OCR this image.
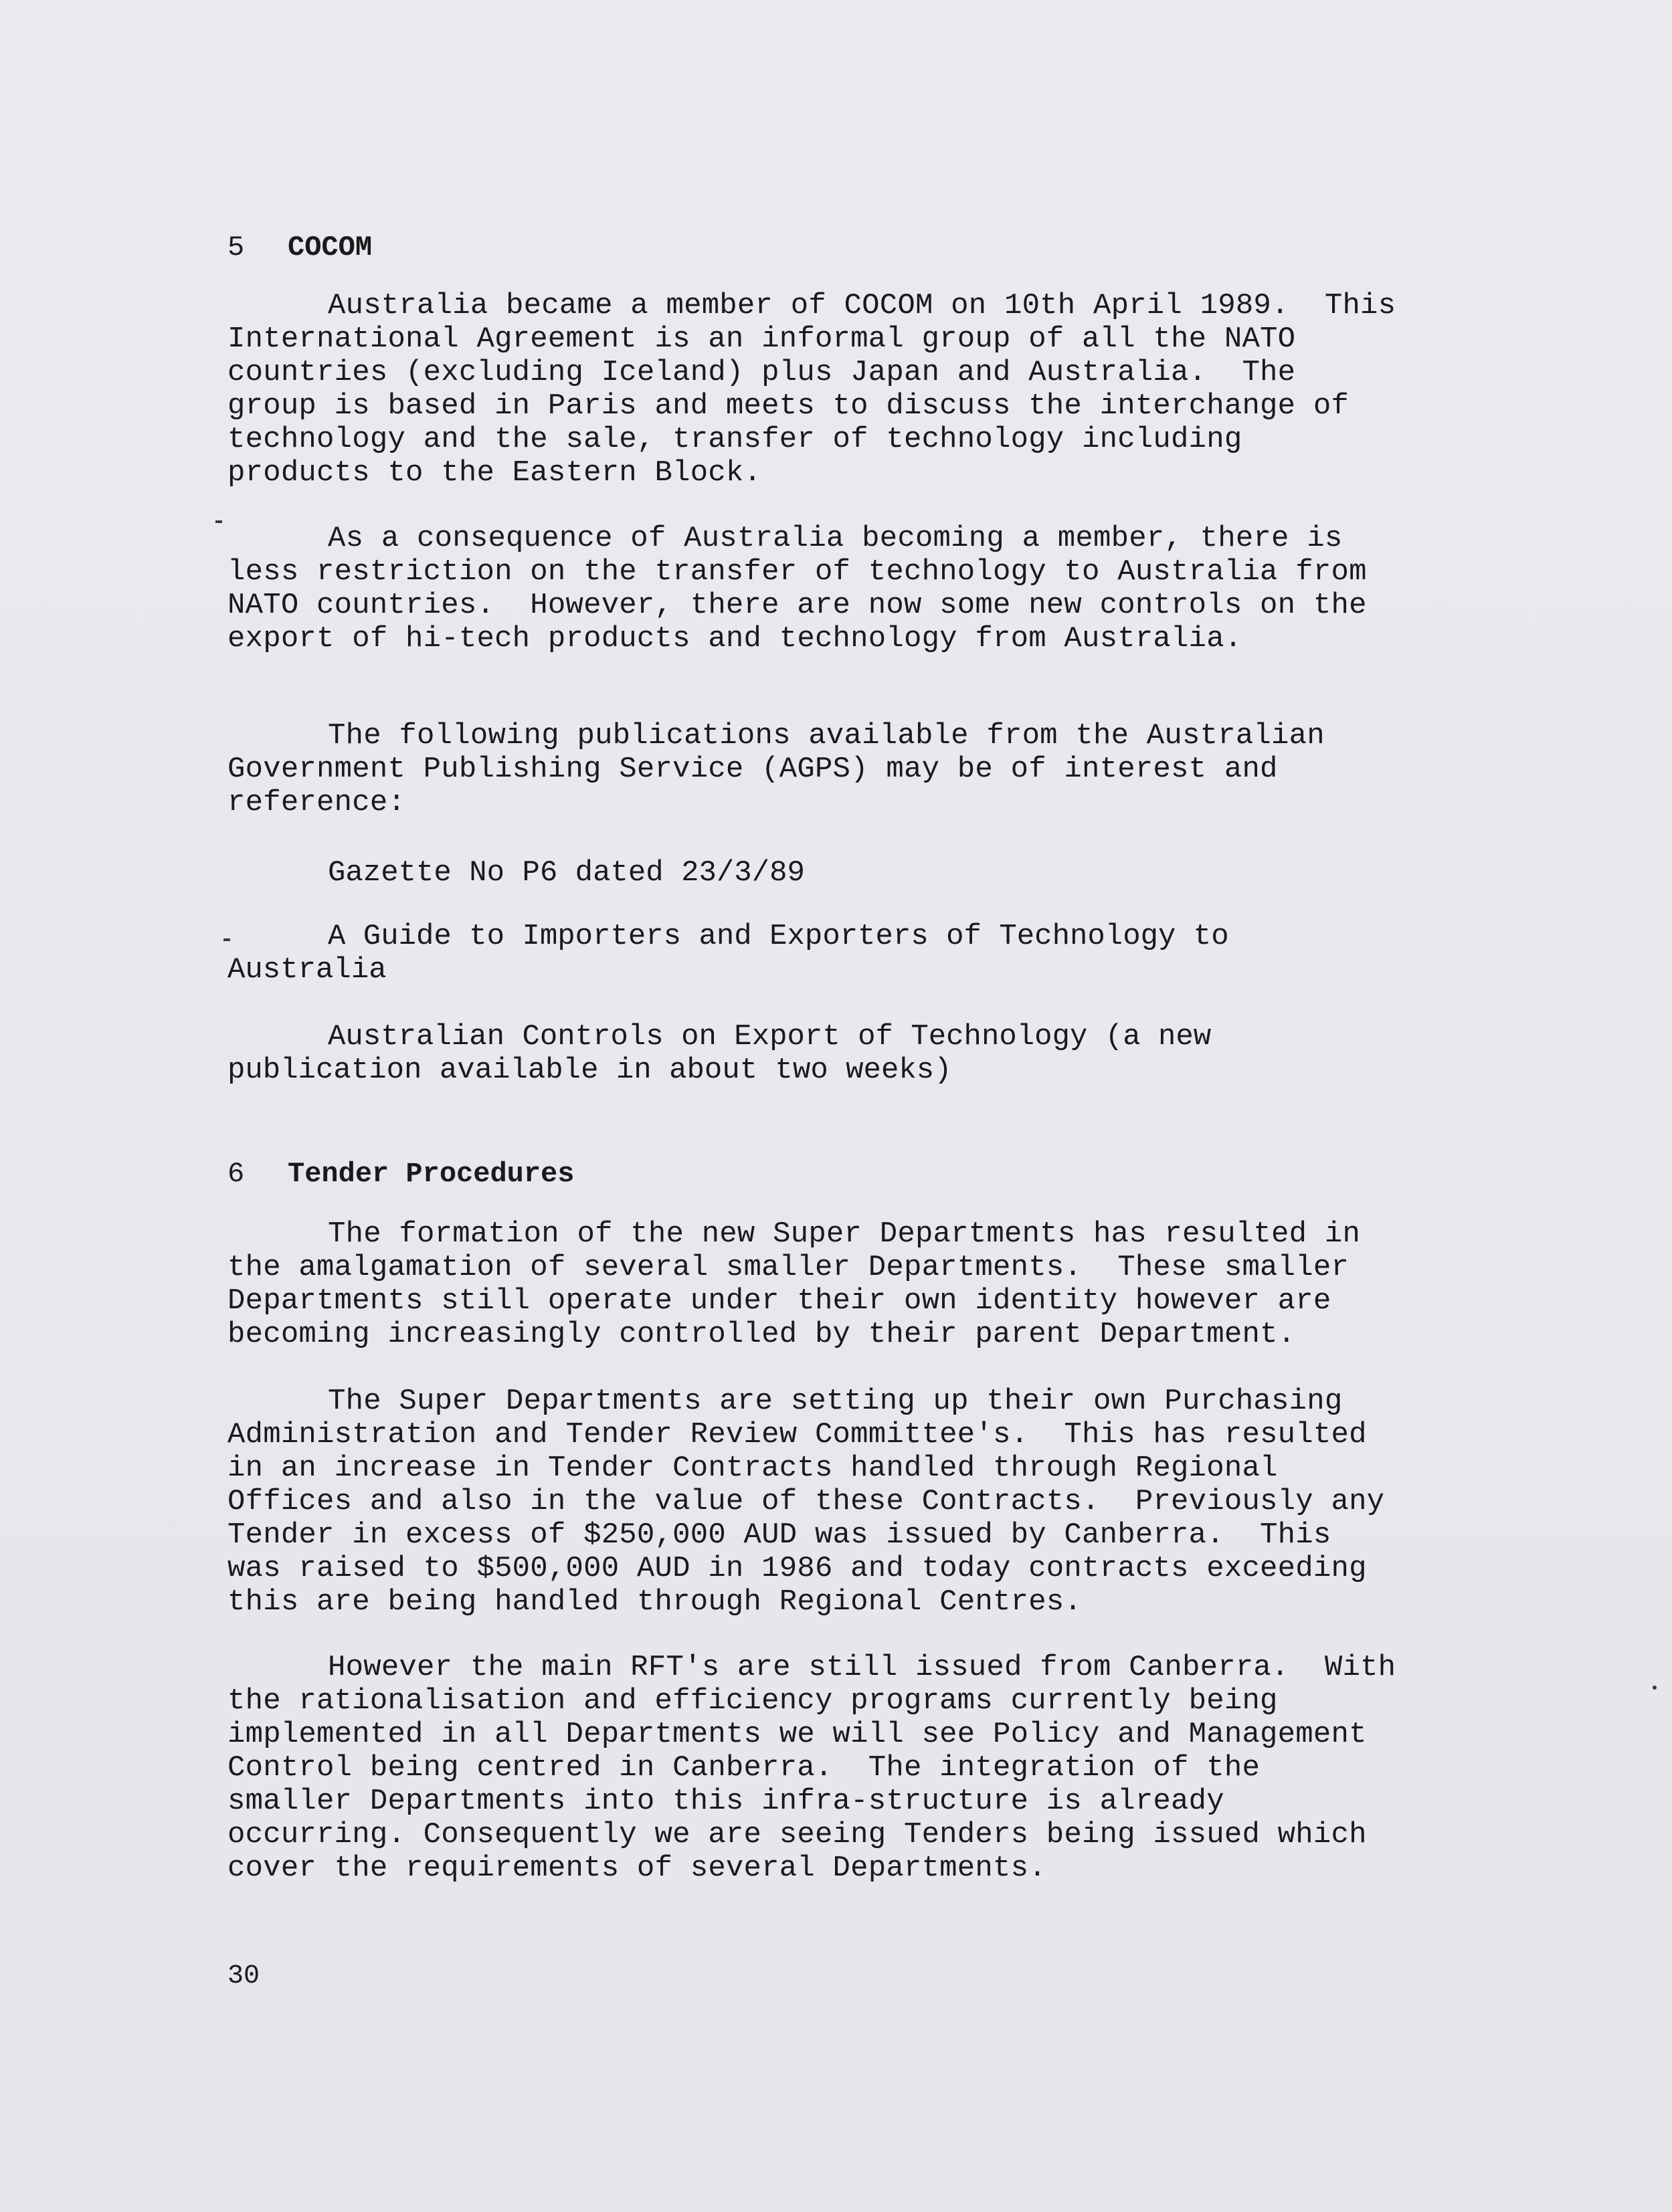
5 COCOM
Australia became a member of COCOM on 10th April 1989.  This
International Agreement is an informal group of all the NATO
countries (excluding Iceland) plus Japan and Australia.  The
group is based in Paris and meets to discuss the interchange of
technology and the sale, transfer of technology including
products to the Eastern Block.
As a consequence of Australia becoming a member, there is
less restriction on the transfer of technology to Australia from
NATO countries.  However, there are now some new controls on the
export of hi-tech products and technology from Australia.
The following publications available from the Australian
Government Publishing Service (AGPS) may be of interest and
reference:
Gazette No P6 dated 23/3/89
A Guide to Importers and Exporters of Technology to
Australia
Australian Controls on Export of Technology (a new
publication available in about two weeks)
6 Tender Procedures
The formation of the new Super Departments has resulted in
the amalgamation of several smaller Departments.  These smaller
Departments still operate under their own identity however are
becoming increasingly controlled by their parent Department.
The Super Departments are setting up their own Purchasing
Administration and Tender Review Committee's.  This has resulted
in an increase in Tender Contracts handled through Regional
Offices and also in the value of these Contracts.  Previously any
Tender in excess of $250,000 AUD was issued by Canberra.  This
was raised to $500,000 AUD in 1986 and today contracts exceeding
this are being handled through Regional Centres.
However the main RFT's are still issued from Canberra.  With
the rationalisation and efficiency programs currently being
implemented in all Departments we will see Policy and Management
Control being centred in Canberra.  The integration of the
smaller Departments into this infra-structure is already
occurring. Consequently we are seeing Tenders being issued which
cover the requirements of several Departments.
30
